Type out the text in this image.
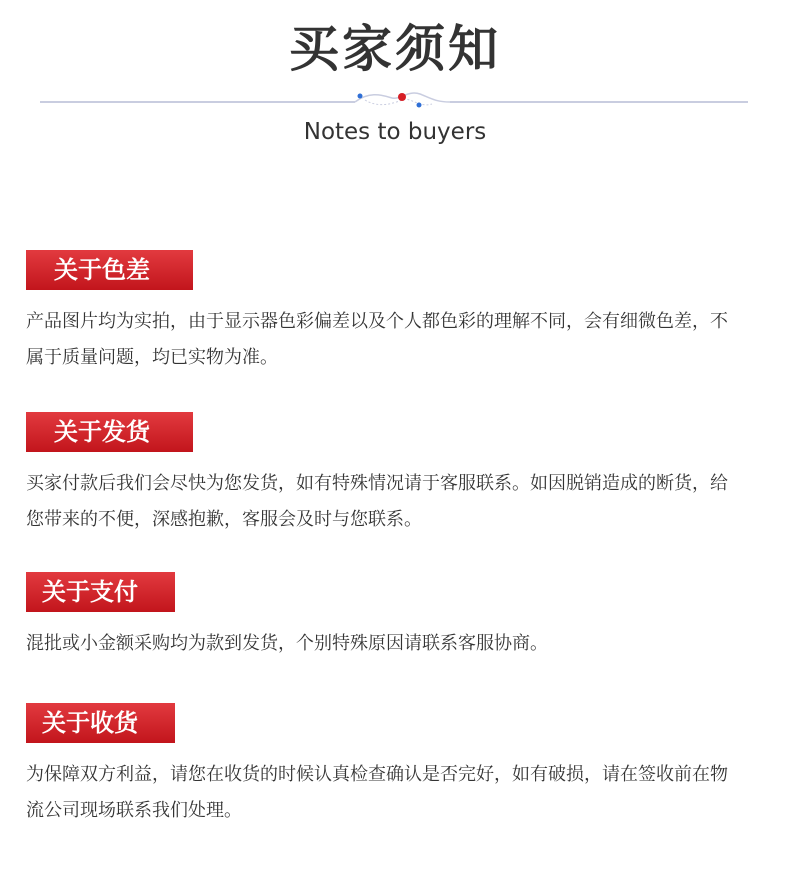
买家须知
Notes to buyers
关于色差
产品图片均为实拍，由于显示器色彩偏差以及个人都色彩的理解不同，会有细微色差，不属于质量问题，均已实物为准。
关于发货
买家付款后我们会尽快为您发货，如有特殊情况请于客服联系。如因脱销造成的断货，给您带来的不便，深感抱歉，客服会及时与您联系。
关于支付
混批或小金额采购均为款到发货，个别特殊原因请联系客服协商。
关于收货
为保障双方利益，请您在收货的时候认真检查确认是否完好，如有破损，请在签收前在物流公司现场联系我们处理。
